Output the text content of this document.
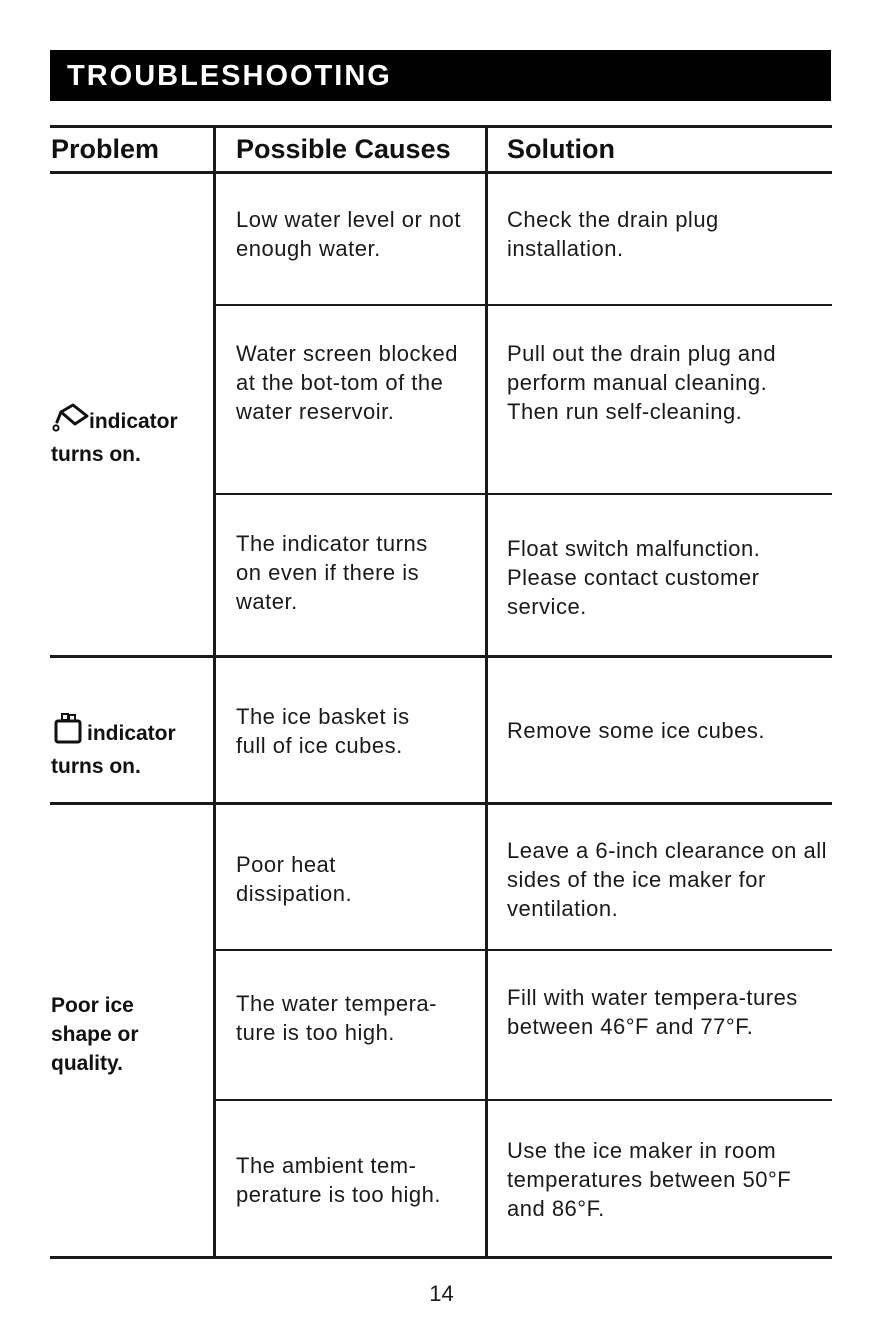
TROUBLESHOOTING
Problem	Possible Causes Solution
indicator
turns on.
Low water level or not enough water.
Check the drain plug installation.
Water screen blocked at the bot-tom of the water reservoir.
Pull out the drain plug and perform manual cleaning. Then run self-cleaning.
The indicator turns on even if there is water.
Float switch malfunction. Please contact customer service.
indicator
turns on.
The ice basket is full of ice cubes.
Remove some ice cubes.
Poor ice shape or quality.
Poor heat dissipation.
Leave a 6-inch clearance on all sides of the ice maker for ventilation.
The water tempera-ture is too high.
Fill with water tempera-tures between 46°F and 77°F.
The ambient tem-perature is too high.
Use the ice maker in room temperatures between 50°F and 86°F.
14
